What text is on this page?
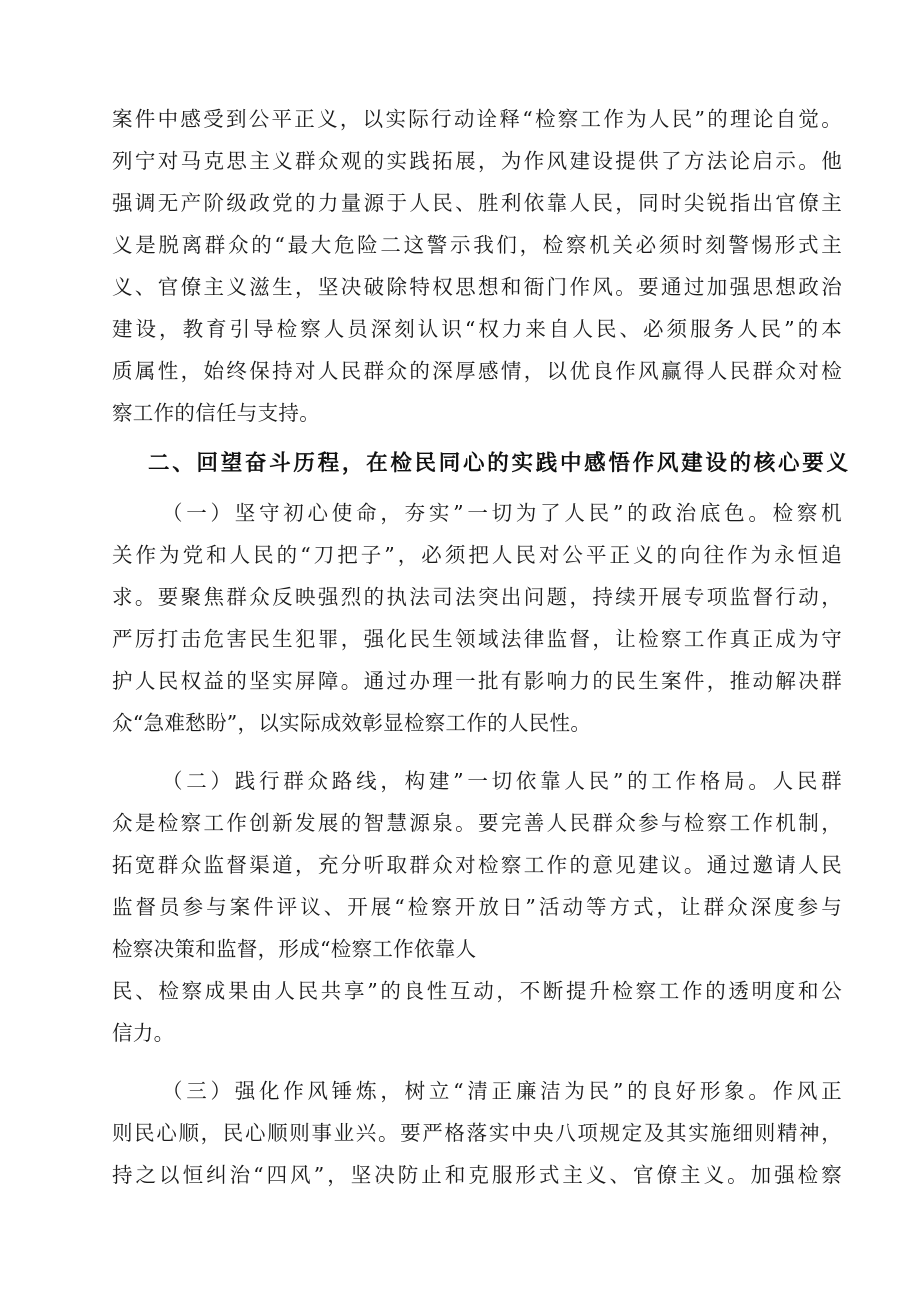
案件中感受到公平正义，以实际行动诠释“检察工作为人民”的理论自觉。

列宁对马克思主义群众观的实践拓展，为作风建设提供了方法论启示。他

强调无产阶级政党的力量源于人民、胜利依靠人民，同时尖锐指出官僚主

义是脱离群众的“最大危险二这警示我们，检察机关必须时刻警惕形式主

义、官僚主义滋生，坚决破除特权思想和衙门作风。要通过加强思想政治

建设，教育引导检察人员深刻认识“权力来自人民、必须服务人民”的本

质属性，始终保持对人民群众的深厚感情，以优良作风赢得人民群众对检

察工作的信任与支持。

二、回望奋斗历程，在检民同心的实践中感悟作风建设的核心要义

（一）坚守初心使命，夯实”一切为了人民”的政治底色。检察机

关作为党和人民的“刀把子”，必须把人民对公平正义的向往作为永恒追

求。要聚焦群众反映强烈的执法司法突出问题，持续开展专项监督行动，

严厉打击危害民生犯罪，强化民生领域法律监督，让检察工作真正成为守

护人民权益的坚实屏障。通过办理一批有影响力的民生案件，推动解决群

众“急难愁盼”，以实际成效彰显检察工作的人民性。

（二）践行群众路线，构建”一切依靠人民”的工作格局。人民群

众是检察工作创新发展的智慧源泉。要完善人民群众参与检察工作机制，

拓宽群众监督渠道，充分听取群众对检察工作的意见建议。通过邀请人民

监督员参与案件评议、开展“检察开放日”活动等方式，让群众深度参与

检察决策和监督，形成“检察工作依靠人

民、检察成果由人民共享”的良性互动，不断提升检察工作的透明度和公

信力。

（三）强化作风锤炼，树立“清正廉洁为民”的良好形象。作风正

则民心顺，民心顺则事业兴。要严格落实中央八项规定及其实施细则精神，

持之以恒纠治“四风”，坚决防止和克服形式主义、官僚主义。加强检察
